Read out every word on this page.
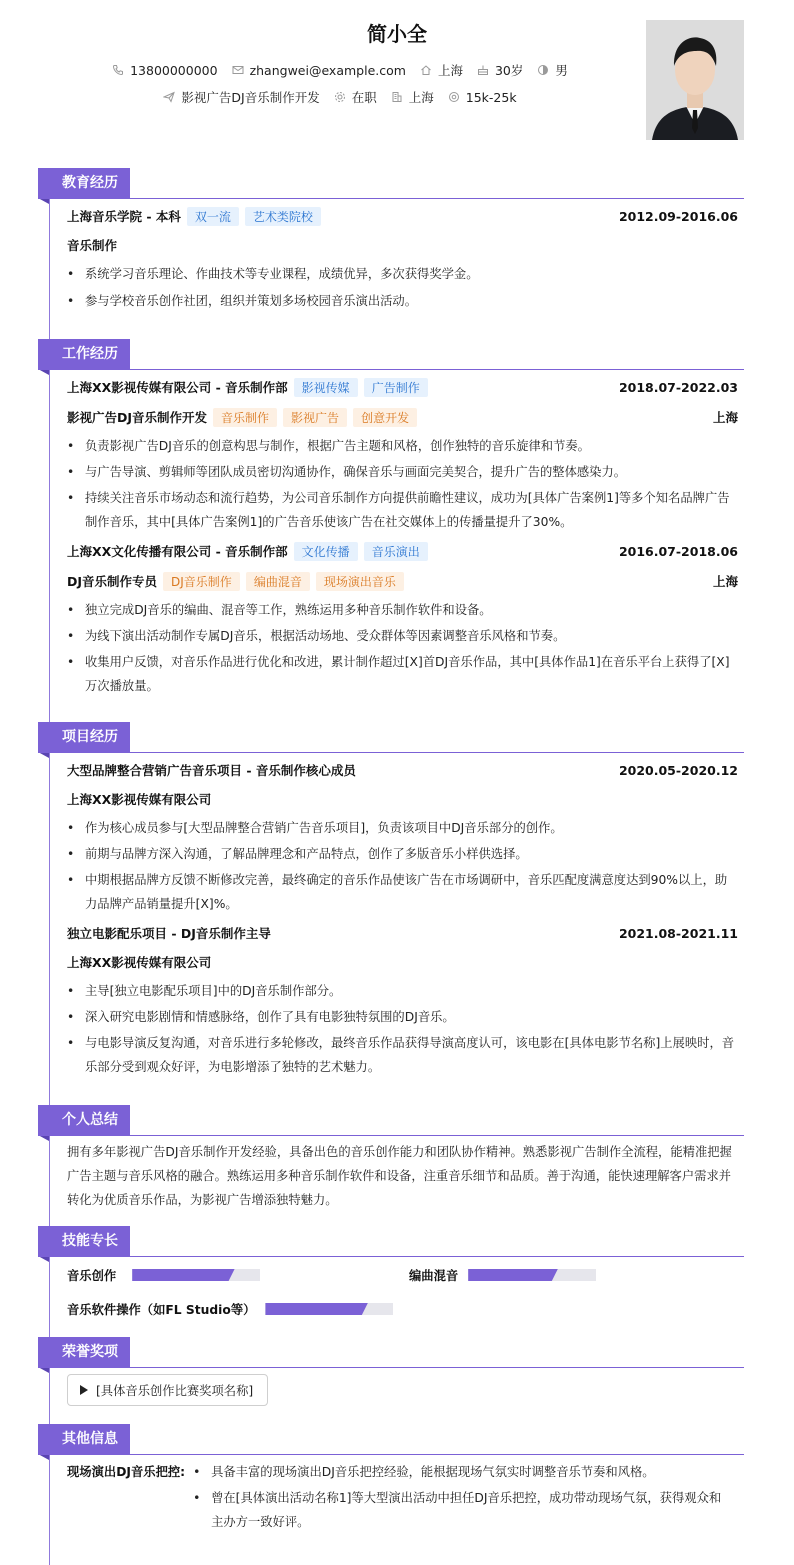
简小全
13800000000	zhangwei@example.com	上海	30岁	男
影视广告DJ音乐制作开发	在职	上海	15k-25k
教育经历
上海音乐学院 - 本科	双一流	艺术类院校	2012.09-2016.06
音乐制作
• 系统学习音乐理论、作曲技术等专业课程，成绩优异，多次获得奖学金。
• 参与学校音乐创作社团，组织并策划多场校园音乐演出活动。
工作经历
上海XX影视传媒有限公司 - 音乐制作部	影视传媒	广告制作	2018.07-2022.03
影视广告DJ音乐制作开发	音乐制作	影视广告	创意开发	上海
• 负责影视广告DJ音乐的创意构思与制作，根据广告主题和风格，创作独特的音乐旋律和节奏。
• 与广告导演、剪辑师等团队成员密切沟通协作，确保音乐与画面完美契合，提升广告的整体感染力。
• 持续关注音乐市场动态和流行趋势，为公司音乐制作方向提供前瞻性建议，成功为[具体广告案例1]等多个知名品牌广告制作音乐，其中[具体广告案例1]的广告音乐使该广告在社交媒体上的传播量提升了30%。
上海XX文化传播有限公司 - 音乐制作部	文化传播	音乐演出	2016.07-2018.06
DJ音乐制作专员	DJ音乐制作	编曲混音	现场演出音乐	上海
• 独立完成DJ音乐的编曲、混音等工作，熟练运用多种音乐制作软件和设备。
• 为线下演出活动制作专属DJ音乐，根据活动场地、受众群体等因素调整音乐风格和节奏。
• 收集用户反馈，对音乐作品进行优化和改进，累计制作超过[X]首DJ音乐作品，其中[具体作品1]在音乐平台上获得了[X]万次播放量。
项目经历
大型品牌整合营销广告音乐项目 - 音乐制作核心成员	2020.05-2020.12
上海XX影视传媒有限公司
• 作为核心成员参与[大型品牌整合营销广告音乐项目]，负责该项目中DJ音乐部分的创作。
• 前期与品牌方深入沟通，了解品牌理念和产品特点，创作了多版音乐小样供选择。
• 中期根据品牌方反馈不断修改完善，最终确定的音乐作品使该广告在市场调研中，音乐匹配度满意度达到90%以上，助力品牌产品销量提升[X]%。
独立电影配乐项目 - DJ音乐制作主导	2021.08-2021.11
上海XX影视传媒有限公司
• 主导[独立电影配乐项目]中的DJ音乐制作部分。
• 深入研究电影剧情和情感脉络，创作了具有电影独特氛围的DJ音乐。
• 与电影导演反复沟通，对音乐进行多轮修改，最终音乐作品获得导演高度认可，该电影在[具体电影节名称]上展映时，音乐部分受到观众好评，为电影增添了独特的艺术魅力。
个人总结
拥有多年影视广告DJ音乐制作开发经验，具备出色的音乐创作能力和团队协作精神。熟悉影视广告制作全流程，能精准把握广告主题与音乐风格的融合。熟练运用多种音乐制作软件和设备，注重音乐细节和品质。善于沟通，能快速理解客户需求并转化为优质音乐作品，为影视广告增添独特魅力。
技能专长
音乐创作	编曲混音
音乐软件操作（如FL Studio等）
荣誉奖项
[具体音乐创作比赛奖项名称]
其他信息
现场演出DJ音乐把控:
•	具备丰富的现场演出DJ音乐把控经验，能根据现场气氛实时调整音乐节奏和风格。
• 曾在[具体演出活动名称1]等大型演出活动中担任DJ音乐把控，成功带动现场气氛，获得观众和主办方一致好评。
